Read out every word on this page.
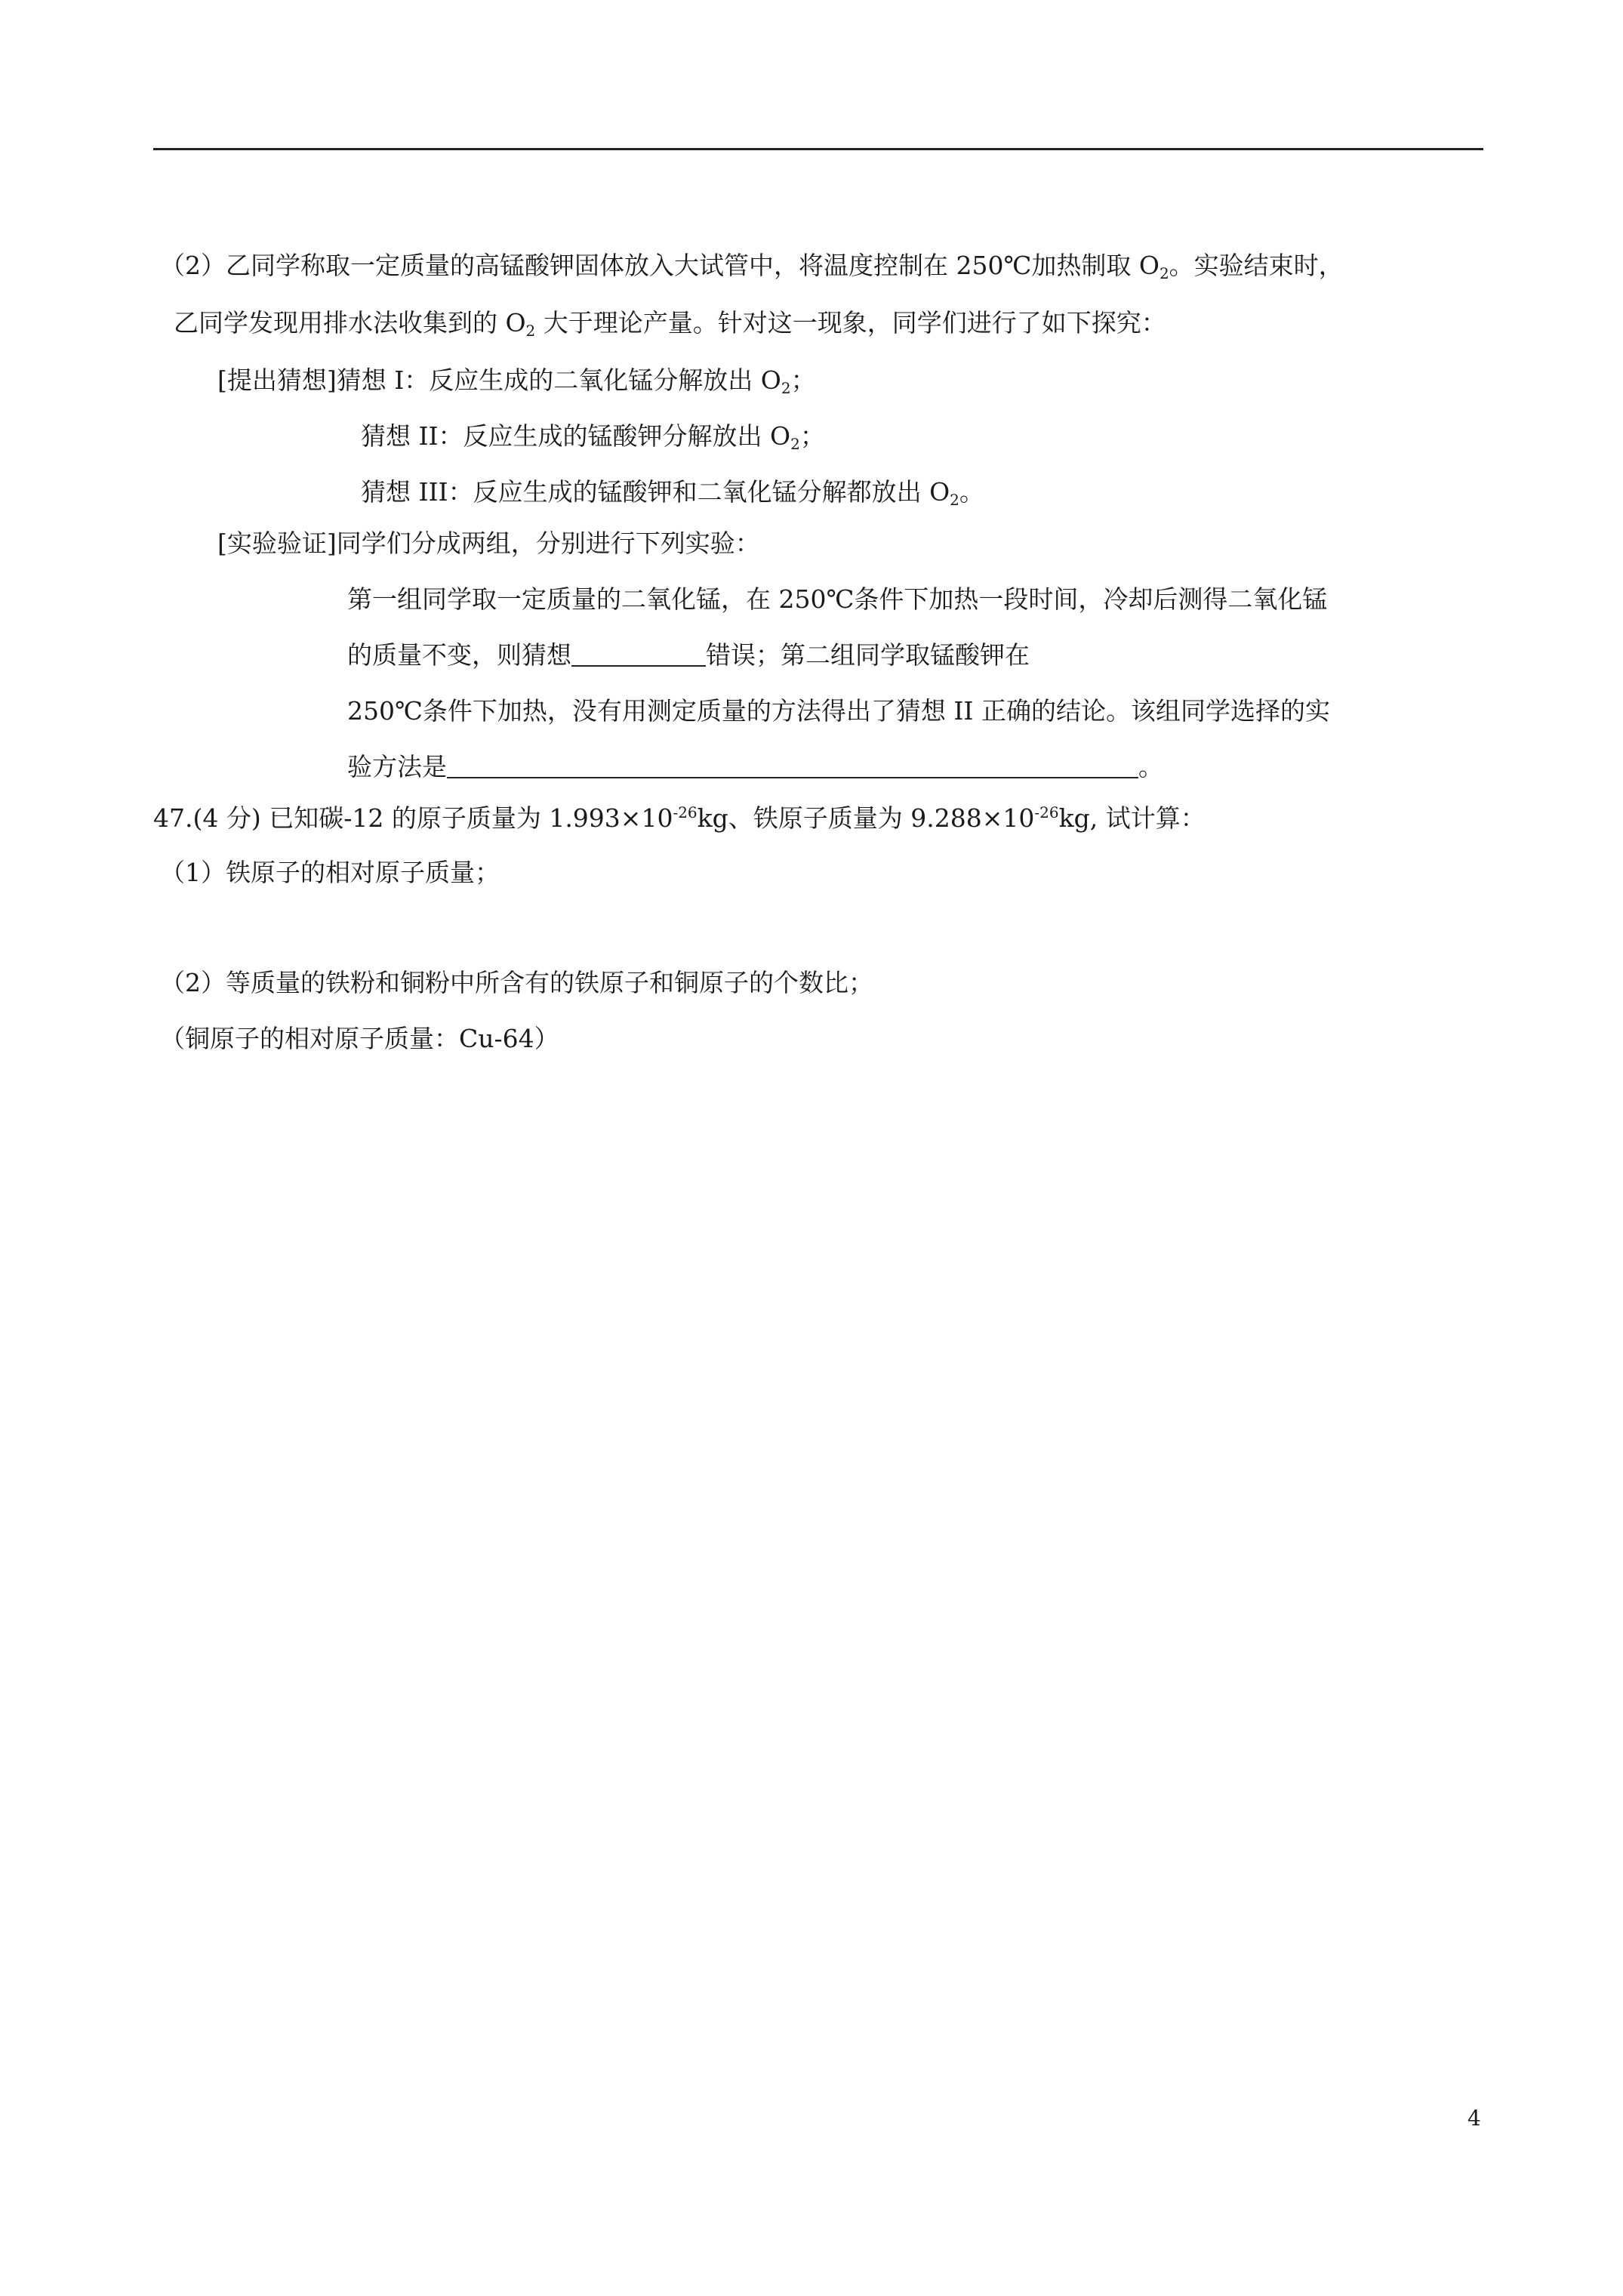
（2）乙同学称取一定质量的高锰酸钾固体放入大试管中，将温度控制在 250℃加热制取 $O_2$。实验结束时，
乙同学发现用排水法收集到的 $O_2$ 大于理论产量。针对这一现象，同学们进行了如下探究：
[提出猜想]猜想 I：反应生成的二氧化锰分解放出 $O_2$；
猜想 II：反应生成的锰酸钾分解放出 $O_2$；
猜想 III：反应生成的锰酸钾和二氧化锰分解都放出 $O_2$。
[实验验证]同学们分成两组，分别进行下列实验：
第一组同学取一定质量的二氧化锰，在 250℃条件下加热一段时间，冷却后测得二氧化锰
的质量不变，则猜想	错误；第二组同学取锰酸钾在
250℃条件下加热，没有用测定质量的方法得出了猜想 II 正确的结论。该组同学选择的实
验方法是	。
47.(4 分) 已知碳-12 的原子质量为 $1.993\times 10^{-26}kg$、铁原子质量为 $9.288\times 10^{-26}kg$, 试计算：
（1）铁原子的相对原子质量；
（2）等质量的铁粉和铜粉中所含有的铁原子和铜原子的个数比；
（铜原子的相对原子质量：Cu-64）
4
